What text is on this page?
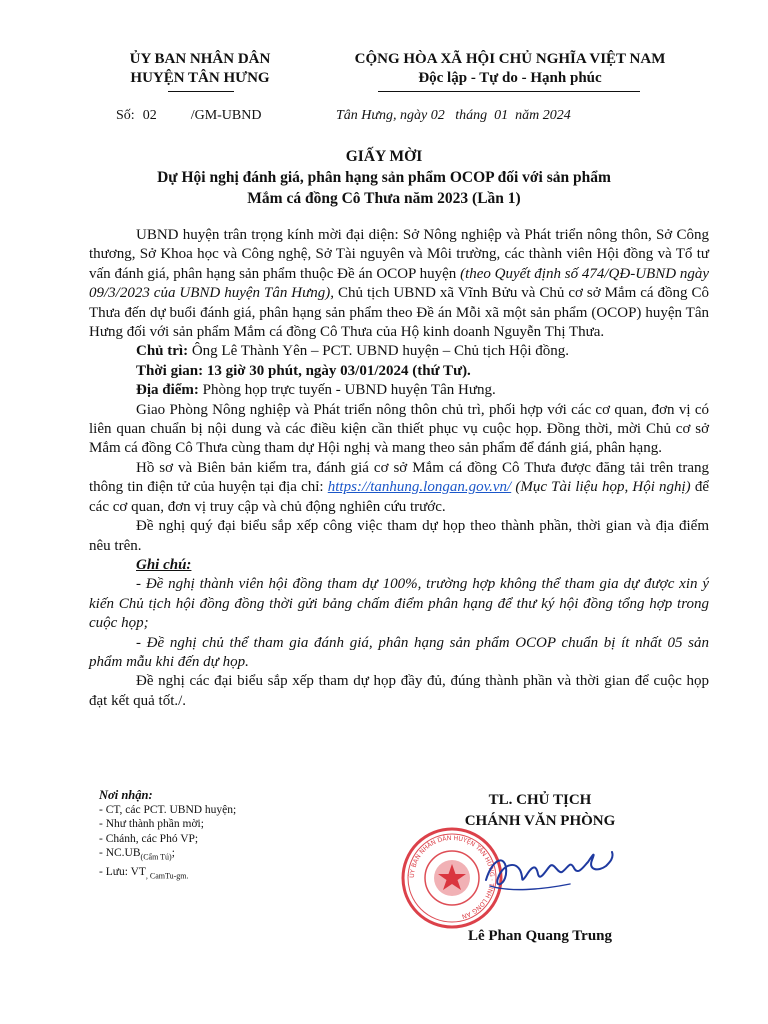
ỦY BAN NHÂN DÂN
HUYỆN TÂN HƯNG
CỘNG HÒA XÃ HỘI CHỦ NGHĨA VIỆT NAM
Độc lập - Tự do - Hạnh phúc
Số: 02 /GM-UBND	Tân Hưng, ngày 02   tháng  01  năm 2024
GIẤY MỜI
Dự Hội nghị đánh giá, phân hạng sản phẩm OCOP đối với sản phẩm
Mắm cá đồng Cô Thưa năm 2023 (Lần 1)

UBND huyện trân trọng kính mời đại diện: Sở Nông nghiệp và Phát triển nông thôn, Sở Công thương, Sở Khoa học và Công nghệ, Sở Tài nguyên và Môi trường, các thành viên Hội đồng và Tổ tư vấn đánh giá, phân hạng sản phẩm thuộc Đề án OCOP huyện (theo Quyết định số 474/QĐ-UBND ngày 09/3/2023 của UBND huyện Tân Hưng), Chủ tịch UBND xã Vĩnh Bửu và Chủ cơ sở Mắm cá đồng Cô Thưa đến dự buổi đánh giá, phân hạng sản phẩm theo Đề án Mỗi xã một sản phẩm (OCOP) huyện Tân Hưng đối với sản phẩm Mắm cá đồng Cô Thưa của Hộ kinh doanh Nguyễn Thị Thưa.

Chủ trì: Ông Lê Thành Yên – PCT. UBND huyện – Chủ tịch Hội đồng.

Thời gian: 13 giờ 30 phút, ngày 03/01/2024 (thứ Tư).

Địa điểm: Phòng họp trực tuyến - UBND huyện Tân Hưng.

Giao Phòng Nông nghiệp và Phát triển nông thôn chủ trì, phối hợp với các cơ quan, đơn vị có liên quan chuẩn bị nội dung và các điều kiện cần thiết phục vụ cuộc họp. Đồng thời, mời Chủ cơ sở Mắm cá đồng Cô Thưa cùng tham dự Hội nghị và mang theo sản phẩm để đánh giá, phân hạng.

Hồ sơ và Biên bản kiểm tra, đánh giá cơ sở Mắm cá đồng Cô Thưa được đăng tải trên trang thông tin điện tử của huyện tại địa chỉ: https://tanhung.longan.gov.vn/ (Mục Tài liệu họp, Hội nghị) để các cơ quan, đơn vị truy cập và chủ động nghiên cứu trước.

Đề nghị quý đại biểu sắp xếp công việc tham dự họp theo thành phần, thời gian và địa điểm nêu trên.

Ghi chú:

- Đề nghị thành viên hội đồng tham dự 100%, trường hợp không thể tham gia dự được xin ý kiến Chủ tịch hội đồng đồng thời gửi bảng chấm điểm phân hạng để thư ký hội đồng tổng hợp trong cuộc họp;

- Đề nghị chủ thể tham gia đánh giá, phân hạng sản phẩm OCOP chuẩn bị ít nhất 05 sản phẩm mẫu khi đến dự họp.

Đề nghị các đại biểu sắp xếp tham dự họp đầy đủ, đúng thành phần và thời gian để cuộc họp đạt kết quả tốt./.

Nơi nhận:
- CT, các PCT. UBND huyện;
- Như thành phần mời;
- Chánh, các Phó VP;
- $NC.UB_{(Cẩm Tú)}$;
- Lưu: $VT_{, CamTu-gm.}$
TL. CHỦ TỊCH
CHÁNH VĂN PHÒNG
ỦY BAN NHÂN DÂN HUYỆN TÂN HƯNG · TỈNH LONG AN
Lê Phan Quang Trung
